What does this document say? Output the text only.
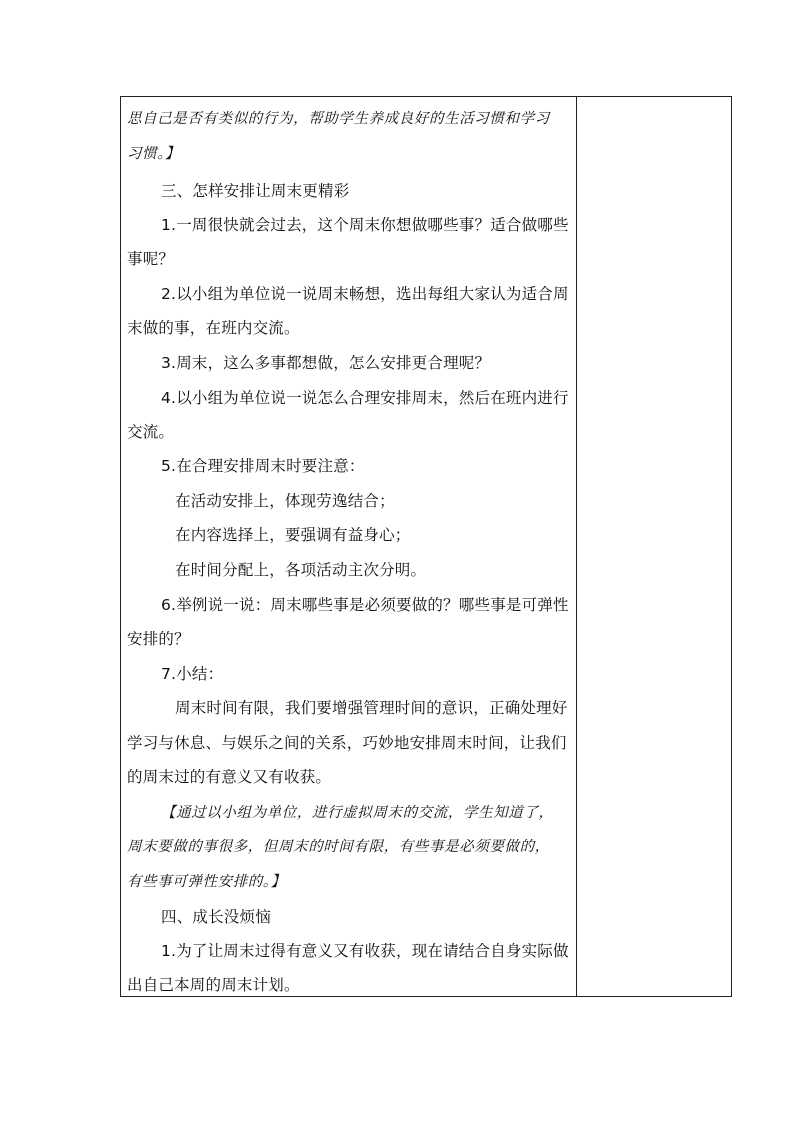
思自己是否有类似的行为，帮助学生养成良好的生活习惯和学习
习惯。】
三、怎样安排让周末更精彩
1.一周很快就会过去，这个周末你想做哪些事？适合做哪些
事呢？
2.以小组为单位说一说周末畅想，选出每组大家认为适合周
末做的事，在班内交流。
3.周末，这么多事都想做，怎么安排更合理呢？
4.以小组为单位说一说怎么合理安排周末，然后在班内进行
交流。
5.在合理安排周末时要注意：
在活动安排上，体现劳逸结合；
在内容选择上，要强调有益身心；
在时间分配上，各项活动主次分明。
6.举例说一说：周末哪些事是必须要做的？哪些事是可弹性
安排的？
7.小结：
周末时间有限，我们要增强管理时间的意识，正确处理好
学习与休息、与娱乐之间的关系，巧妙地安排周末时间，让我们
的周末过的有意义又有收获。
【通过以小组为单位，进行虚拟周末的交流，学生知道了，
周末要做的事很多，但周末的时间有限，有些事是必须要做的，
有些事可弹性安排的。】
四、成长没烦恼
1.为了让周末过得有意义又有收获，现在请结合自身实际做
出自己本周的周末计划。
